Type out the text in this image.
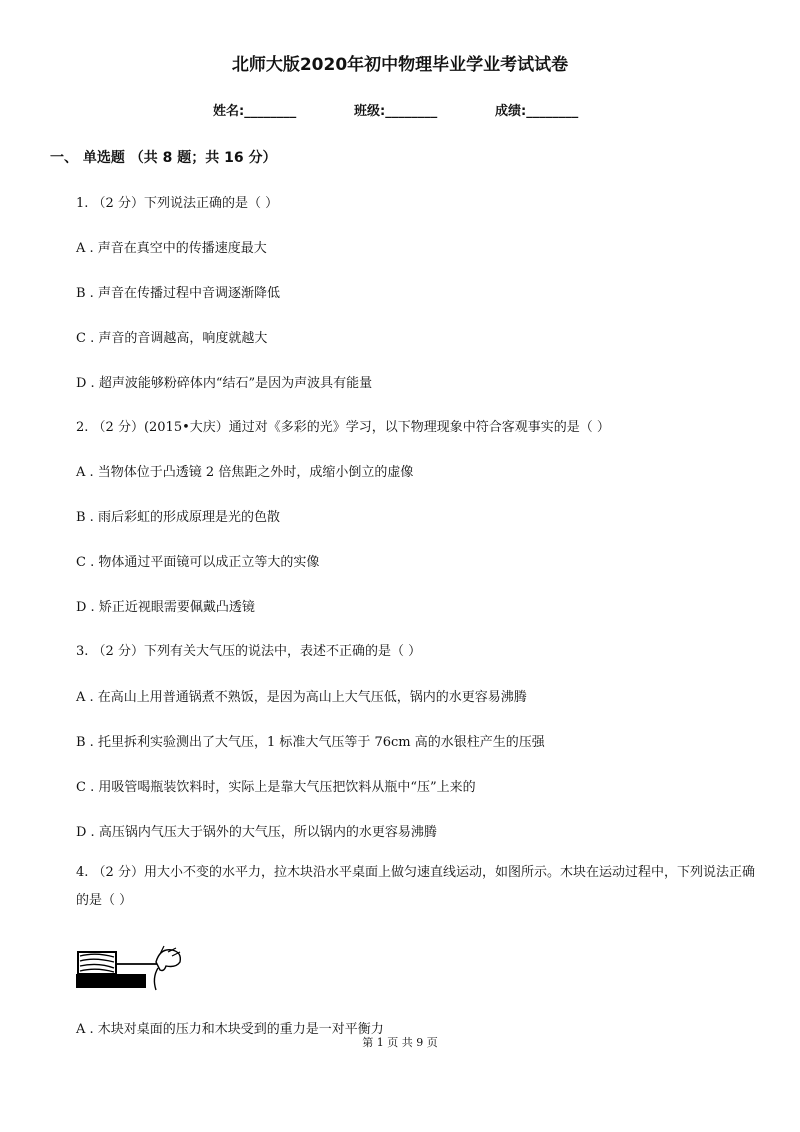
北师大版2020年初中物理毕业学业考试试卷
姓名:________	班级:________	成绩:________
一、 单选题 （共 8 题；共 16 分）
1. （2 分）下列说法正确的是（ ）
A . 声音在真空中的传播速度最大
B . 声音在传播过程中音调逐渐降低
C . 声音的音调越高，响度就越大
D . 超声波能够粉碎体内“结石”是因为声波具有能量
2. （2 分）(2015•大庆）通过对《多彩的光》学习，以下物理现象中符合客观事实的是（ ）
A . 当物体位于凸透镜 2 倍焦距之外时，成缩小倒立的虚像
B . 雨后彩虹的形成原理是光的色散
C . 物体通过平面镜可以成正立等大的实像
D . 矫正近视眼需要佩戴凸透镜
3. （2 分）下列有关大气压的说法中，表述不正确的是（ ）
A . 在高山上用普通锅煮不熟饭，是因为高山上大气压低，锅内的水更容易沸腾
B . 托里拆利实验测出了大气压，1 标准大气压等于 76cm 高的水银柱产生的压强
C . 用吸管喝瓶装饮料时，实际上是靠大气压把饮料从瓶中“压”上来的
D . 高压锅内气压大于锅外的大气压，所以锅内的水更容易沸腾
4. （2 分）用大小不变的水平力，拉木块沿水平桌面上做匀速直线运动，如图所示。木块在运动过程中，下列说法正确的是（ ）
A . 木块对桌面的压力和木块受到的重力是一对平衡力
第 1 页 共 9 页
